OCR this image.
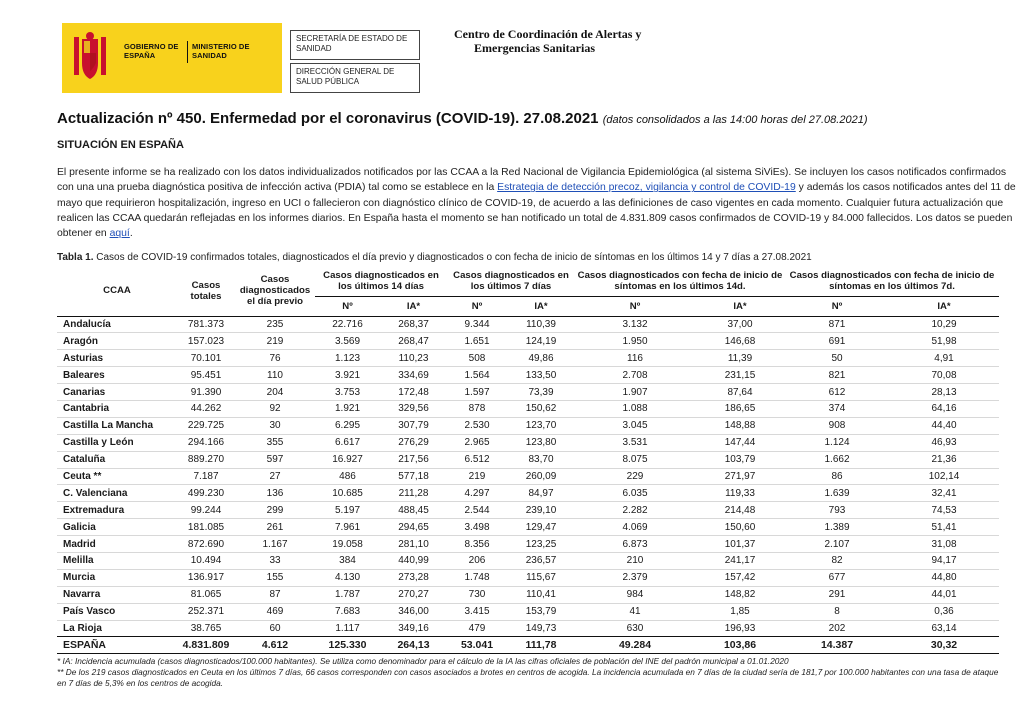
GOBIERNO DE ESPAÑA
MINISTERIO DE SANIDAD
SECRETARÍA DE ESTADO DE SANIDAD
DIRECCIÓN GENERAL DE SALUD PÚBLICA
Centro de Coordinación de Alertas y
Emergencias Sanitarias
Actualización nº 450. Enfermedad por el coronavirus (COVID-19). 27.08.2021 (datos consolidados a las 14:00 horas del 27.08.2021)
SITUACIÓN EN ESPAÑA
El presente informe se ha realizado con los datos individualizados notificados por las CCAA a la Red Nacional de Vigilancia Epidemiológica (al sistema SiViEs). Se incluyen los casos notificados confirmados con una una prueba diagnóstica positiva de infección activa (PDIA) tal como se establece en la Estrategia de detección precoz, vigilancia y control de COVID-19 y además los casos notificados antes del 11 de mayo que requirieron hospitalización, ingreso en UCI o fallecieron con diagnóstico clínico de COVID-19, de acuerdo a las definiciones de caso vigentes en cada momento. Cualquier futura actualización que realicen las CCAA quedarán reflejadas en los informes diarios. En España hasta el momento se han notificado un total de 4.831.809 casos confirmados de COVID-19 y 84.000 fallecidos. Los datos se pueden obtener en aquí.
Tabla 1. Casos de COVID-19 confirmados totales, diagnosticados el día previo y diagnosticados o con fecha de inicio de síntomas en los últimos 14 y 7 días a 27.08.2021
CCAA	Casos totales	Casos diagnosticados el día previo	Casos diagnosticados en los últimos 14 días		Casos diagnosticados en los últimos 7 días		Casos diagnosticados con fecha de inicio de síntomas en los últimos 14d.		Casos diagnosticados con fecha de inicio de síntomas en los últimos 7d.	
			Nº	IA*	Nº	IA*	Nº	IA*	Nº	IA*
Andalucía	781.373	235	22.716	268,37	9.344	110,39	3.132	37,00	871	10,29
Aragón	157.023	219	3.569	268,47	1.651	124,19	1.950	146,68	691	51,98
Asturias	70.101	76	1.123	110,23	508	49,86	116	11,39	50	4,91
Baleares	95.451	110	3.921	334,69	1.564	133,50	2.708	231,15	821	70,08
Canarias	91.390	204	3.753	172,48	1.597	73,39	1.907	87,64	612	28,13
Cantabria	44.262	92	1.921	329,56	878	150,62	1.088	186,65	374	64,16
Castilla La Mancha	229.725	30	6.295	307,79	2.530	123,70	3.045	148,88	908	44,40
Castilla y León	294.166	355	6.617	276,29	2.965	123,80	3.531	147,44	1.124	46,93
Cataluña	889.270	597	16.927	217,56	6.512	83,70	8.075	103,79	1.662	21,36
Ceuta **	7.187	27	486	577,18	219	260,09	229	271,97	86	102,14
C. Valenciana	499.230	136	10.685	211,28	4.297	84,97	6.035	119,33	1.639	32,41
Extremadura	99.244	299	5.197	488,45	2.544	239,10	2.282	214,48	793	74,53
Galicia	181.085	261	7.961	294,65	3.498	129,47	4.069	150,60	1.389	51,41
Madrid	872.690	1.167	19.058	281,10	8.356	123,25	6.873	101,37	2.107	31,08
Melilla	10.494	33	384	440,99	206	236,57	210	241,17	82	94,17
Murcia	136.917	155	4.130	273,28	1.748	115,67	2.379	157,42	677	44,80
Navarra	81.065	87	1.787	270,27	730	110,41	984	148,82	291	44,01
País Vasco	252.371	469	7.683	346,00	3.415	153,79	41	1,85	8	0,36
La Rioja	38.765	60	1.117	349,16	479	149,73	630	196,93	202	63,14
ESPAÑA	4.831.809	4.612	125.330	264,13	53.041	111,78	49.284	103,86	14.387	30,32
* IA: Incidencia acumulada (casos diagnosticados/100.000 habitantes). Se utiliza como denominador para el cálculo de la IA las cifras oficiales de población del INE del padrón municipal a 01.01.2020
** De los 219 casos diagnosticados en Ceuta en los últimos 7 días, 66 casos corresponden con casos asociados a brotes en centros de acogida. La incidencia acumulada en 7 días de la ciudad sería de 181,7 por 100.000 habitantes con una tasa de ataque en 7 días de 5,3% en los centros de acogida.
